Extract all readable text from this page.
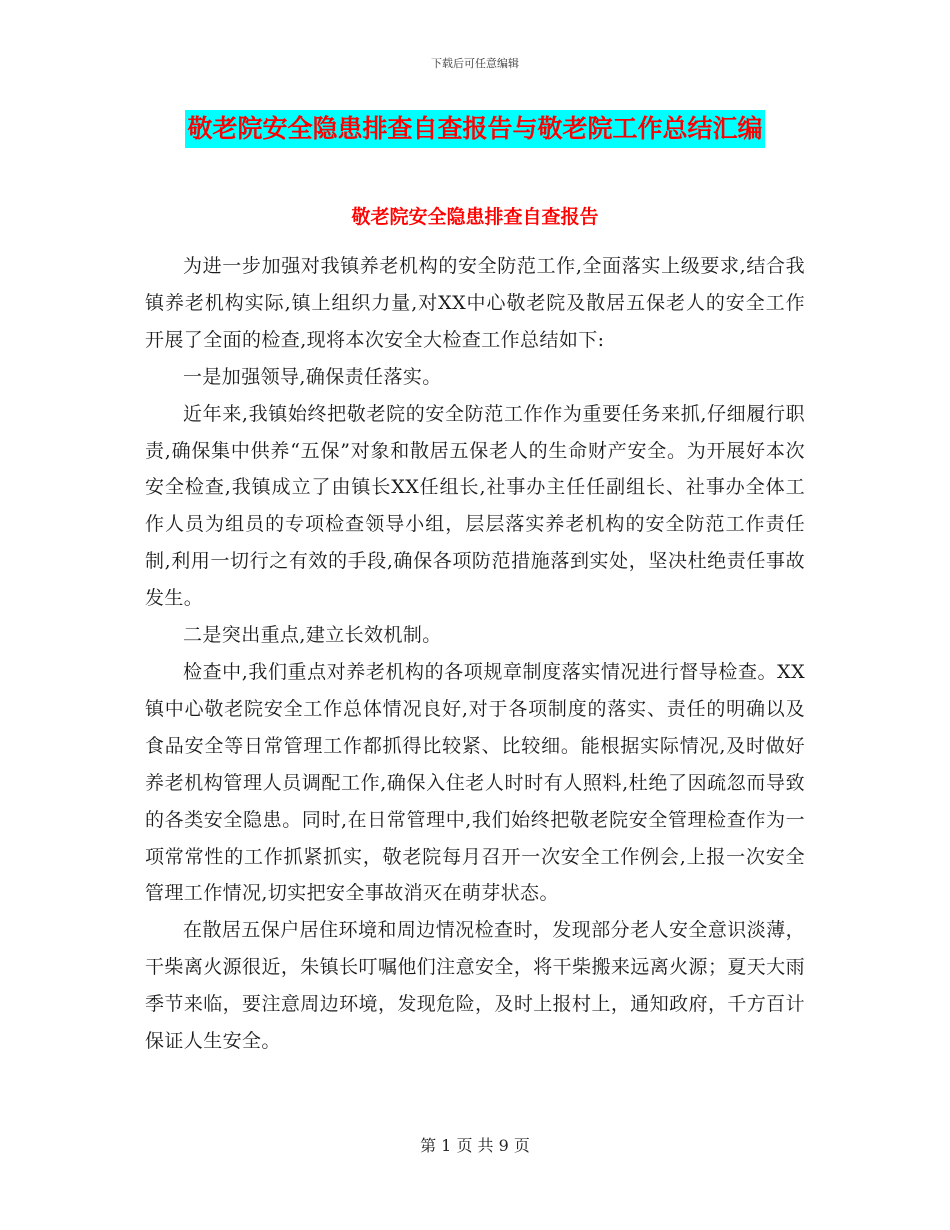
下载后可任意编辑
敬老院安全隐患排查自查报告与敬老院工作总结汇编
敬老院安全隐患排查自查报告

为进一步加强对我镇养老机构的安全防范工作,全面落实上级要求,结合我镇养老机构实际,镇上组织力量,对XX中心敬老院及散居五保老人的安全工作开展了全面的检查,现将本次安全大检查工作总结如下:

一是加强领导,确保责任落实。

近年来,我镇始终把敬老院的安全防范工作作为重要任务来抓,仔细履行职责,确保集中供养“五保”对象和散居五保老人的生命财产安全。为开展好本次安全检查,我镇成立了由镇长XX任组长,社事办主任任副组长、社事办全体工作人员为组员的专项检查领导小组，层层落实养老机构的安全防范工作责任制,利用一切行之有效的手段,确保各项防范措施落到实处，坚决杜绝责任事故发生。

二是突出重点,建立长效机制。

检查中,我们重点对养老机构的各项规章制度落实情况进行督导检查。XX镇中心敬老院安全工作总体情况良好,对于各项制度的落实、责任的明确以及食品安全等日常管理工作都抓得比较紧、比较细。能根据实际情况,及时做好养老机构管理人员调配工作,确保入住老人时时有人照料,杜绝了因疏忽而导致的各类安全隐患。同时,在日常管理中,我们始终把敬老院安全管理检查作为一项常常性的工作抓紧抓实，敬老院每月召开一次安全工作例会,上报一次安全管理工作情况,切实把安全事故消灭在萌芽状态。

在散居五保户居住环境和周边情况检查时，发现部分老人安全意识淡薄，干柴离火源很近，朱镇长叮嘱他们注意安全，将干柴搬来远离火源；夏天大雨季节来临，要注意周边环境，发现危险，及时上报村上，通知政府，千方百计保证人生安全。

第 1 页 共 9 页
